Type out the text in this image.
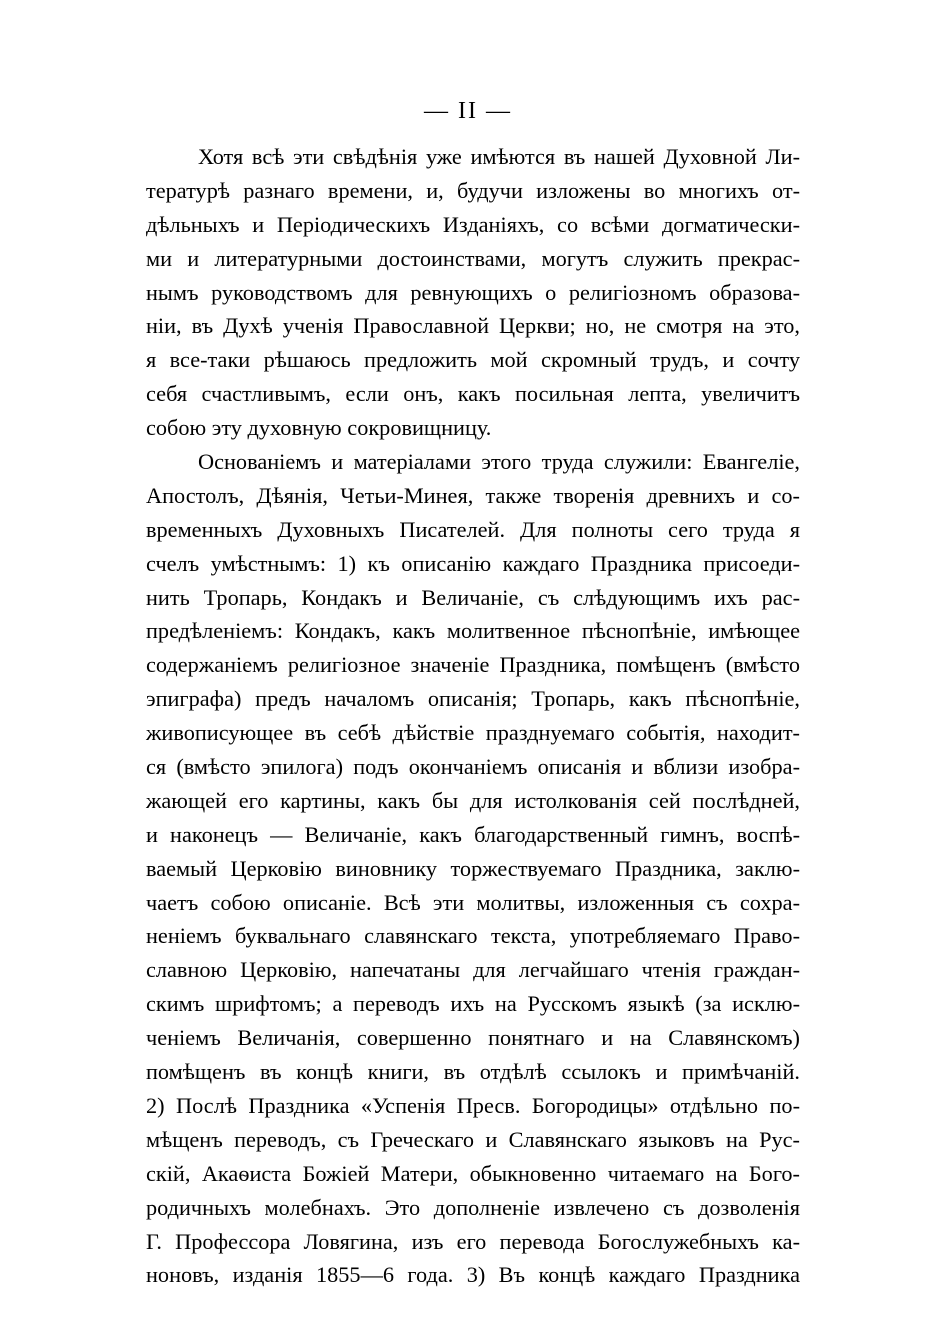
— II —
Хотя всѣ эти свѣдѣнія уже имѣются въ нашей Духовной Ли-
тературѣ разнаго времени, и, будучи изложены во многихъ от-
дѣльныхъ и Періодическихъ Изданіяхъ, со всѣми догматически-
ми и литературными достоинствами, могутъ служить прекрас-
нымъ руководствомъ для ревнующихъ о религіозномъ образова-
ніи, въ Духѣ ученія Православной Церкви; но, не смотря на это,
я все-таки рѣшаюсь предложить мой скромный трудъ, и сочту
себя счастливымъ, если онъ, какъ посильная лепта, увеличитъ
собою эту духовную сокровищницу.
Основаніемъ и матеріалами этого труда служили: Евангеліе,
Апостолъ, Дѣянія, Четьи-Минея, также творенія древнихъ и со-
временныхъ Духовныхъ Писателей. Для полноты сего труда я
счелъ умѣстнымъ: 1) къ описанію каждаго Праздника присоеди-
нить Тропарь, Кондакъ и Величаніе, съ слѣдующимъ ихъ рас-
предѣленіемъ: Кондакъ, какъ молитвенное пѣснопѣніе, имѣющее
содержаніемъ религіозное значеніе Праздника, помѣщенъ (вмѣсто
эпиграфа) предъ началомъ описанія; Тропарь, какъ пѣснопѣніе,
живописующее въ себѣ дѣйствіе празднуемаго событія, находит-
ся (вмѣсто эпилога) подъ окончаніемъ описанія и вблизи изобра-
жающей его картины, какъ бы для истолкованія сей послѣдней,
и наконецъ — Величаніе, какъ благодарственный гимнъ, воспѣ-
ваемый Церковію виновнику торжествуемаго Праздника, заклю-
чаетъ собою описаніе. Всѣ эти молитвы, изложенныя съ сохра-
неніемъ буквальнаго славянскаго текста, употребляемаго Право-
славною Церковію, напечатаны для легчайшаго чтенія граждан-
скимъ шрифтомъ; а переводъ ихъ на Русскомъ языкѣ (за исклю-
ченіемъ Величанія, совершенно понятнаго и на Славянскомъ)
помѣщенъ въ концѣ книги, въ отдѣлѣ ссылокъ и примѣчаній.
2) Послѣ Праздника «Успенія Пресв. Богородицы» отдѣльно по-
мѣщенъ переводъ, съ Греческаго и Славянскаго языковъ на Рус-
скій, Акаѳиста Божіей Матери, обыкновенно читаемаго на Бого-
родичныхъ молебнахъ. Это дополненіе извлечено съ дозволенія
Г. Профессора Ловягина, изъ его перевода Богослужебныхъ ка-
ноновъ, изданія 1855—6 года. 3) Въ концѣ каждаго Праздника
